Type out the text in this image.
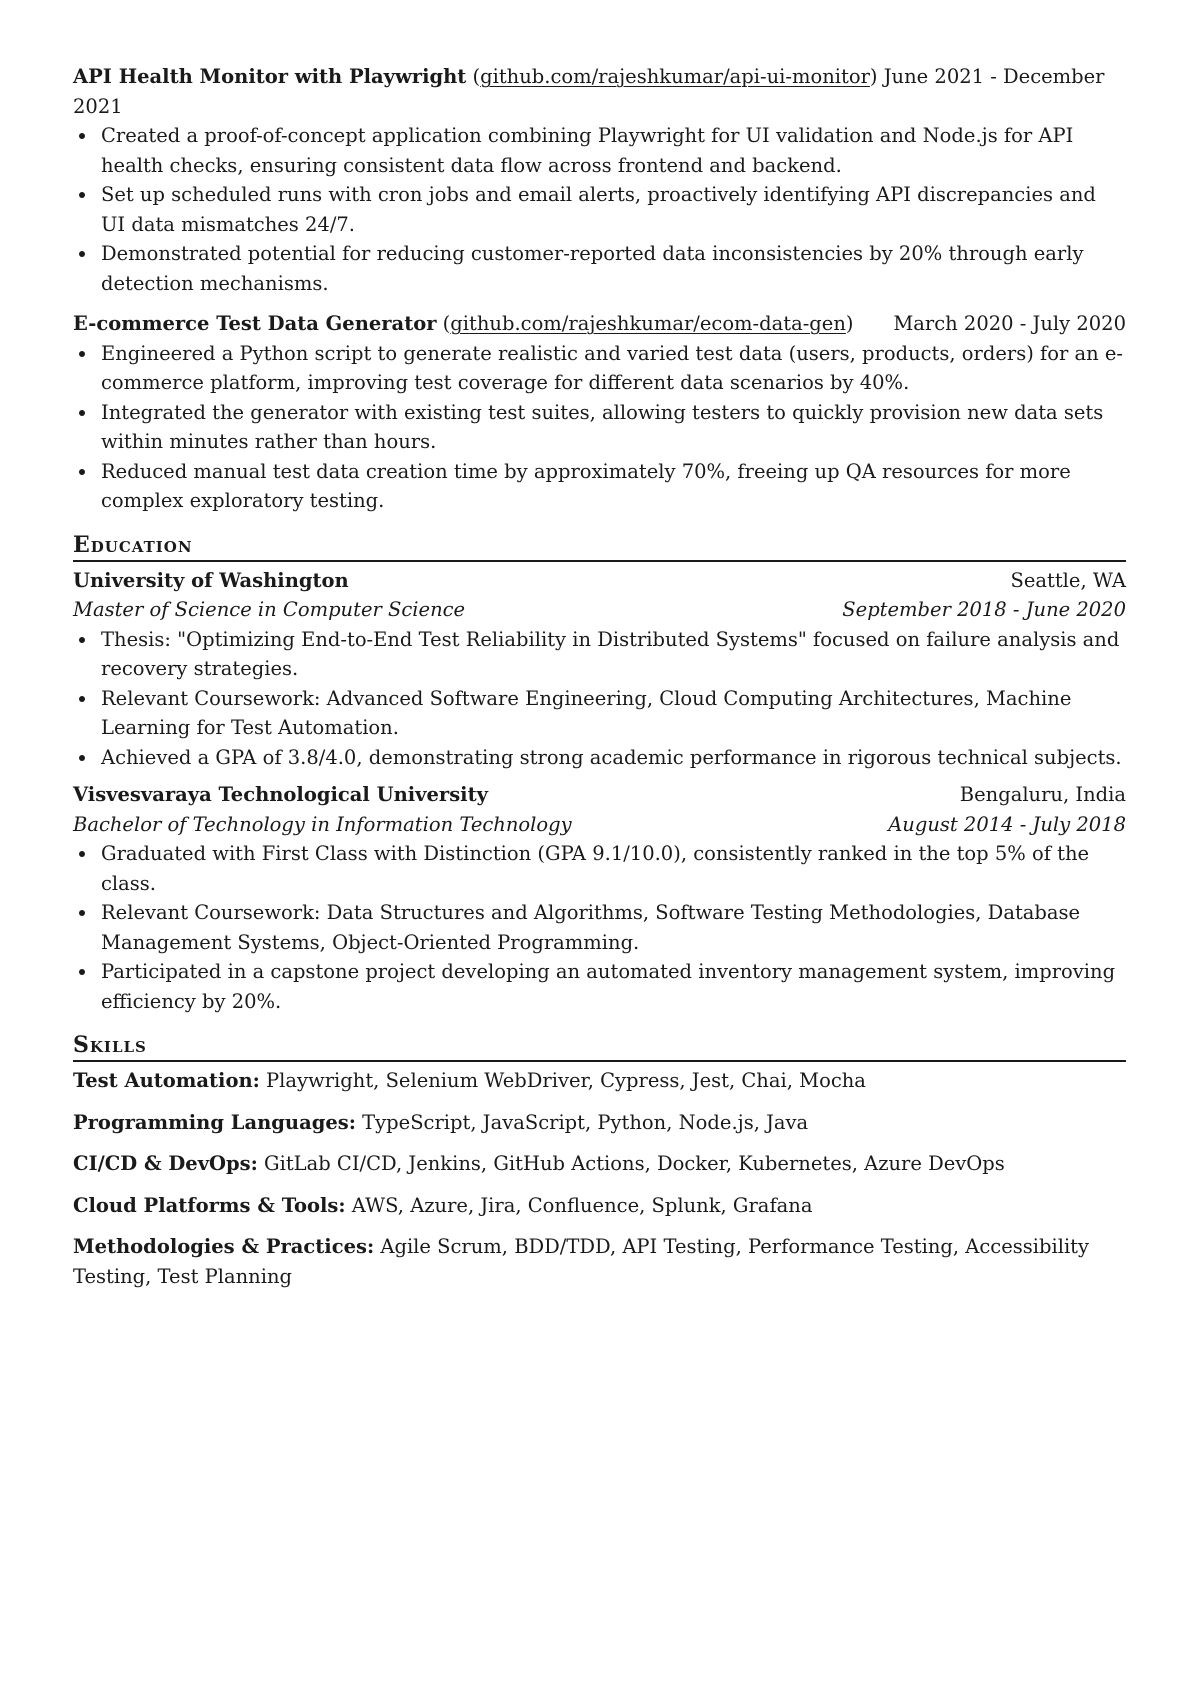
API Health Monitor with Playwright (github.com/rajeshkumar/api-ui-monitor) June 2021 - December 2021
Created a proof-of-concept application combining Playwright for UI validation and Node.js for API health checks, ensuring consistent data flow across frontend and backend.
Set up scheduled runs with cron jobs and email alerts, proactively identifying API discrepancies and UI data mismatches 24/7.
Demonstrated potential for reducing customer-reported data inconsistencies by 20% through early detection mechanisms.
E-commerce Test Data Generator (github.com/rajeshkumar/ecom-data-gen) March 2020 - July 2020
Engineered a Python script to generate realistic and varied test data (users, products, orders) for an e-commerce platform, improving test coverage for different data scenarios by 40%.
Integrated the generator with existing test suites, allowing testers to quickly provision new data sets within minutes rather than hours.
Reduced manual test data creation time by approximately 70%, freeing up QA resources for more complex exploratory testing.
Education
University of Washington	Seattle, WA
Master of Science in Computer Science	September 2018 - June 2020
Thesis: "Optimizing End-to-End Test Reliability in Distributed Systems" focused on failure analysis and recovery strategies.
Relevant Coursework: Advanced Software Engineering, Cloud Computing Architectures, Machine Learning for Test Automation.
Achieved a GPA of 3.8/4.0, demonstrating strong academic performance in rigorous technical subjects.
Visvesvaraya Technological University	Bengaluru, India
Bachelor of Technology in Information Technology	August 2014 - July 2018
Graduated with First Class with Distinction (GPA 9.1/10.0), consistently ranked in the top 5% of the class.
Relevant Coursework: Data Structures and Algorithms, Software Testing Methodologies, Database Management Systems, Object-Oriented Programming.
Participated in a capstone project developing an automated inventory management system, improving efficiency by 20%.
Skills
Test Automation: Playwright, Selenium WebDriver, Cypress, Jest, Chai, Mocha
Programming Languages: TypeScript, JavaScript, Python, Node.js, Java
CI/CD & DevOps: GitLab CI/CD, Jenkins, GitHub Actions, Docker, Kubernetes, Azure DevOps
Cloud Platforms & Tools: AWS, Azure, Jira, Confluence, Splunk, Grafana
Methodologies & Practices: Agile Scrum, BDD/TDD, API Testing, Performance Testing, Accessibility Testing, Test Planning
